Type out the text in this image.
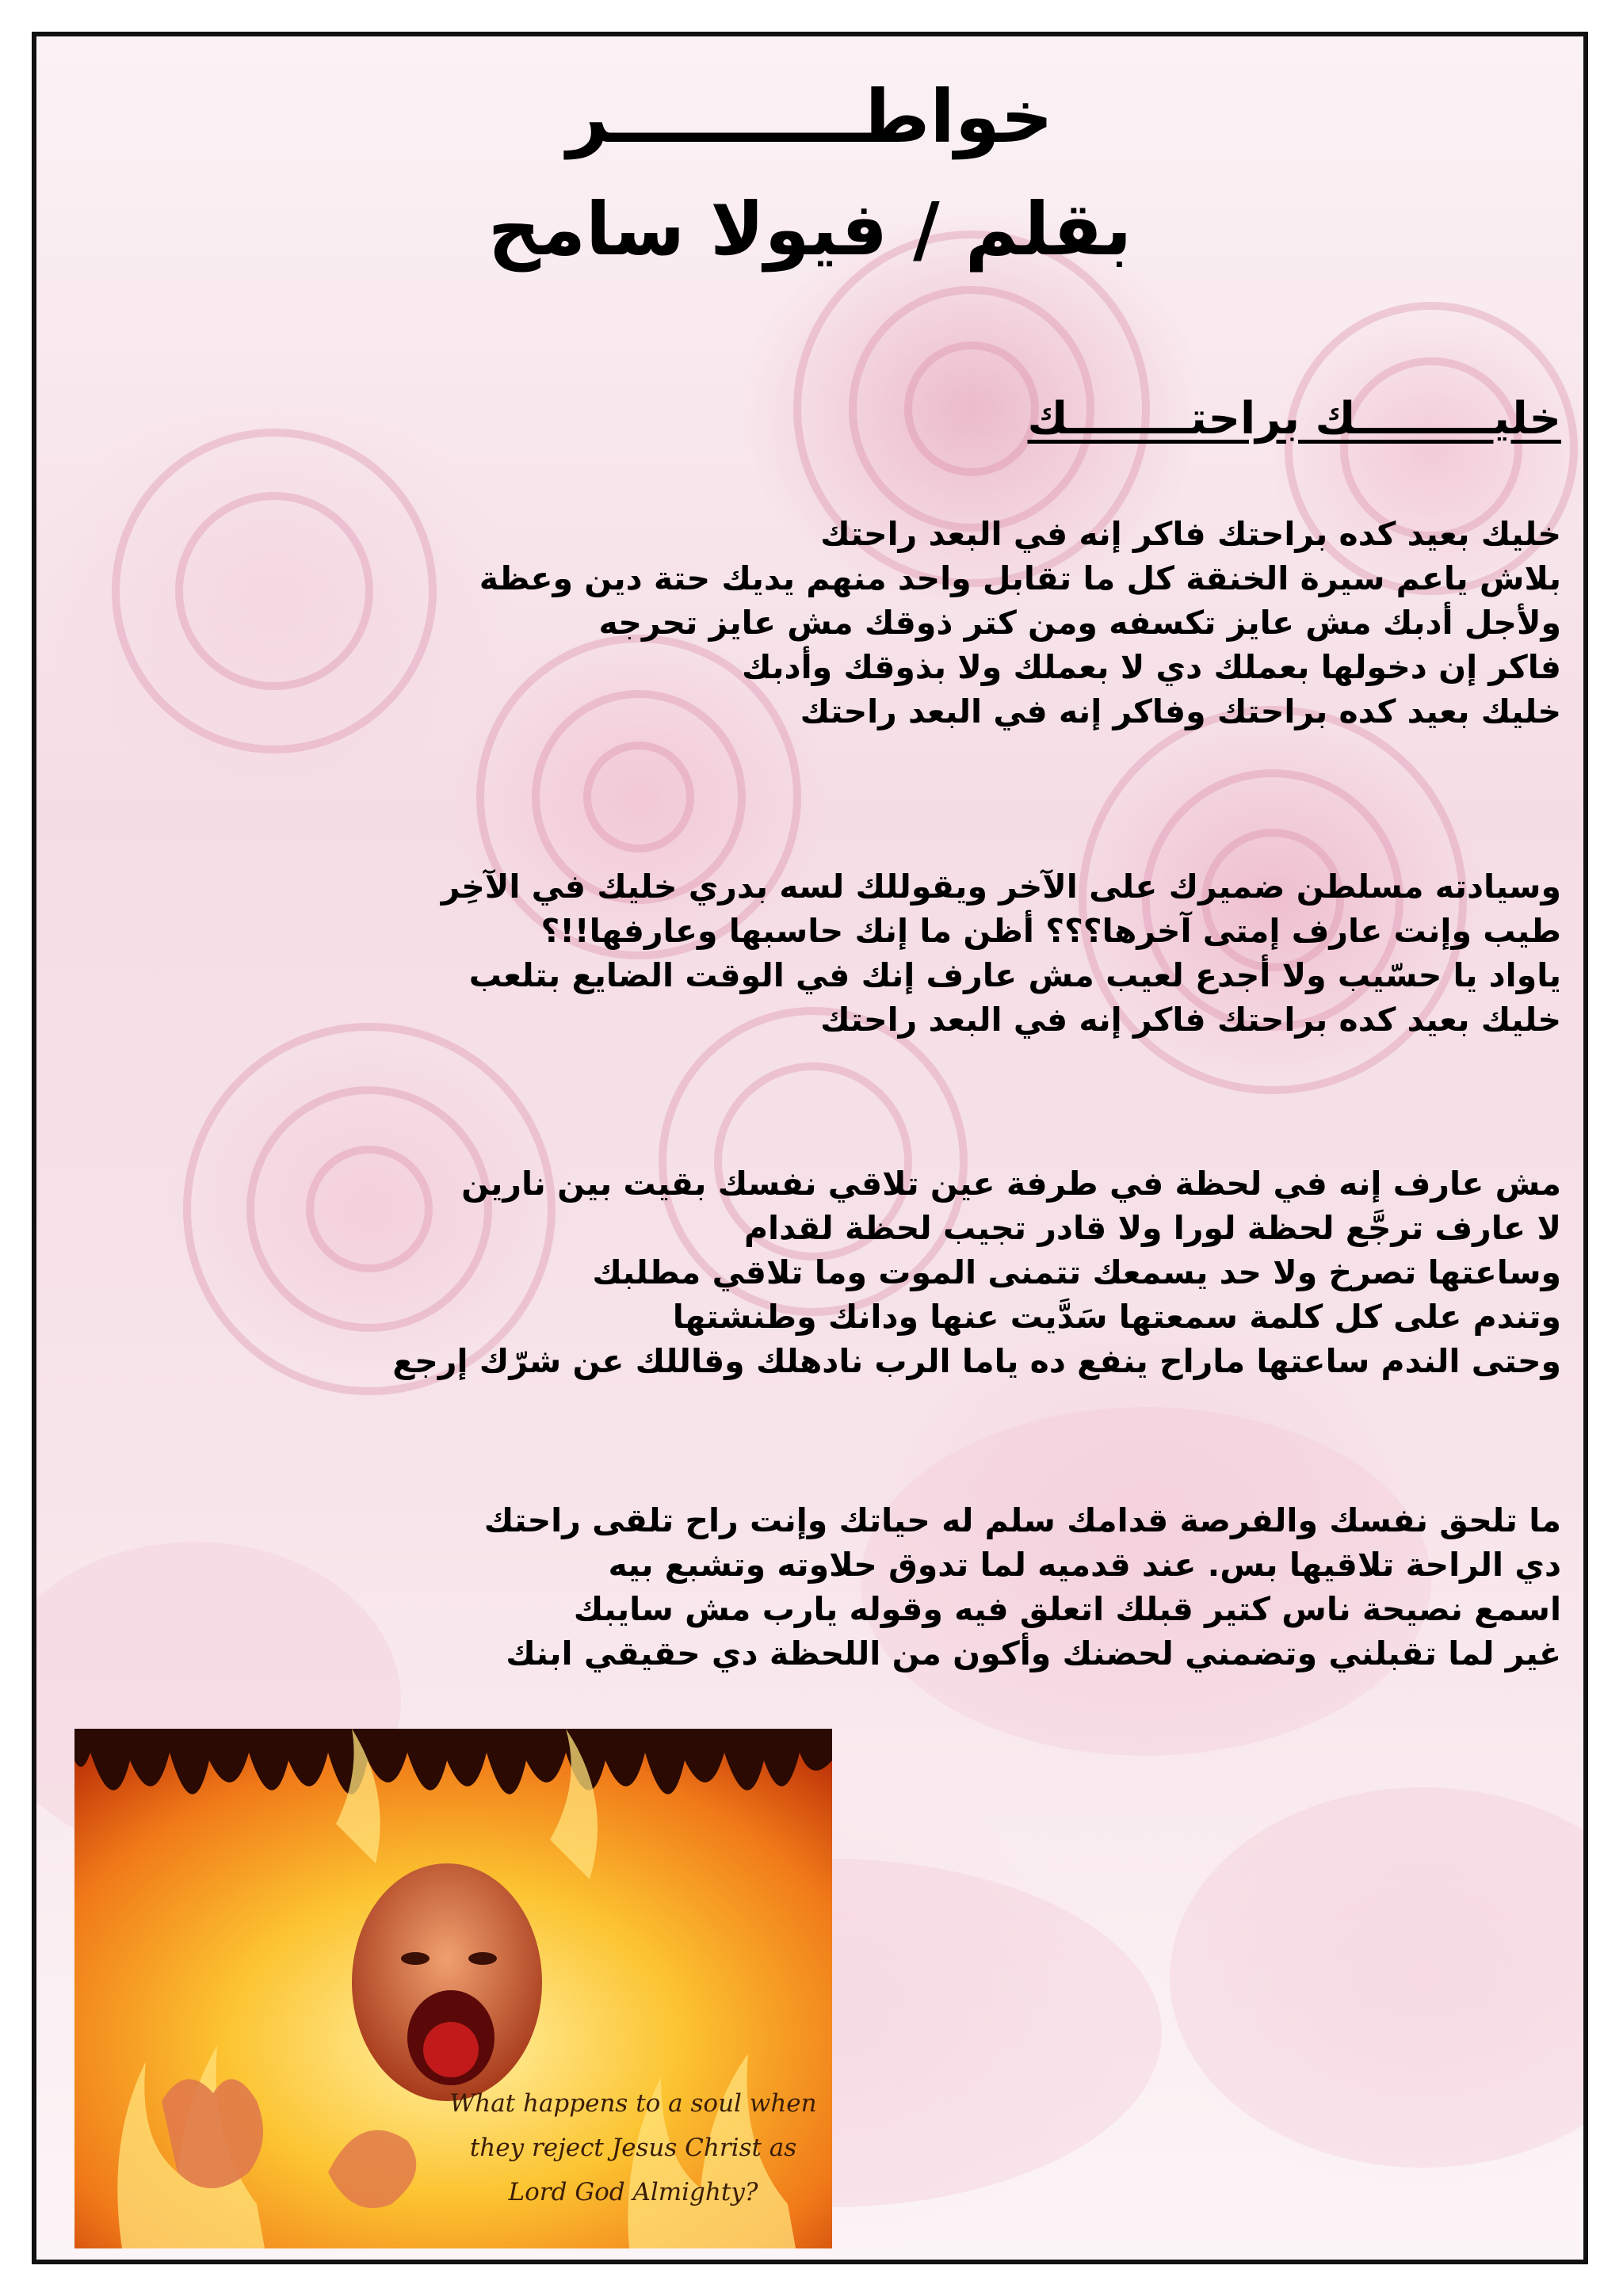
خواطــــــــــر
بقلم / فيولا سامح
خليـــــــــك براحتــــــــك
خليك بعيد كده براحتك فاكر إنه في البعد راحتك
بلاش ياعم سيرة الخنقة كل ما تقابل واحد منهم يديك حتة دين وعظة
ولأجل أدبك مش عايز تكسفه ومن كتر ذوقك مش عايز تحرجه
فاكر إن دخولها بعملك دي لا بعملك ولا بذوقك وأدبك
خليك بعيد كده براحتك وفاكر إنه في البعد راحتك
وسيادته مسلطن ضميرك على الآخر ويقوللك لسه بدري خليك في الآخِر
طيب وإنت عارف إمتى آخرها؟؟؟ أظن ما إنك حاسبها وعارفها!!؟
ياواد يا حسّيب ولا أجدع لعيب مش عارف إنك في الوقت الضايع بتلعب
خليك بعيد كده براحتك فاكر إنه في البعد راحتك
مش عارف إنه في لحظة في طرفة عين تلاقي نفسك بقيت بين نارين
لا عارف ترجَّع لحظة لورا ولا قادر تجيب لحظة لقدام
وساعتها تصرخ ولا حد يسمعك تتمنى الموت وما تلاقي مطلبك
وتندم على كل كلمة سمعتها سَدَّيت عنها ودانك وطنشتها
وحتى الندم ساعتها ماراح ينفع ده ياما الرب نادهلك وقاللك عن شرّك إرجع
ما تلحق نفسك والفرصة قدامك سلم له حياتك وإنت راح تلقى راحتك
دي الراحة تلاقيها بس. عند قدميه لما تدوق حلاوته وتشبع بيه
اسمع نصيحة ناس كتير قبلك اتعلق فيه وقوله يارب مش سايبك
غير لما تقبلني وتضمني لحضنك وأكون من اللحظة دي حقيقي ابنك
What happens to a soul when
they reject Jesus Christ as
Lord God Almighty?
